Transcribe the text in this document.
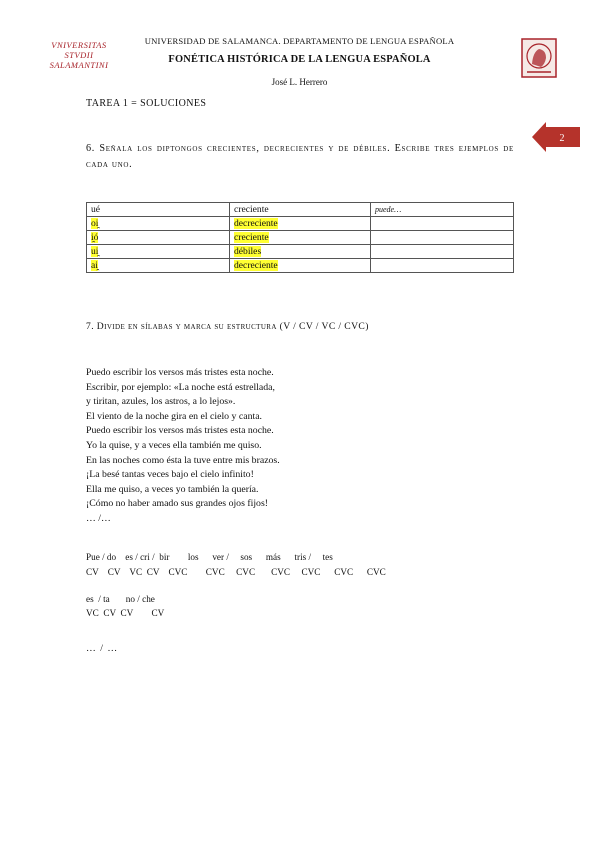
VNIVERSITAS
STVDII
SALAMANTINI
UNIVERSIDAD DE SALAMANCA. DEPARTAMENTO DE LENGUA ESPAÑOLA
FONÉTICA HISTÓRICA DE LA LENGUA ESPAÑOLA
José L. Herrero
2
TAREA 1 = SOLUCIONES
6. Señala los diptongos crecientes, decrecientes y de débiles. Escribe tres ejemplos de cada uno.
ué	creciente	puede…
oi̯	decreciente	
i̯ó	creciente	
ui̯	débiles	
ai̯	decreciente	
7. Divide en sílabas y marca su estructura (V / CV / VC / CVC)
Puedo escribir los versos más tristes esta noche.
Escribir, por ejemplo: «La noche está estrellada,
y tiritan, azules, los astros, a lo lejos».
El viento de la noche gira en el cielo y canta.
Puedo escribir los versos más tristes esta noche.
Yo la quise, y a veces ella también me quiso.
En las noches como ésta la tuve entre mis brazos.
¡La besé tantas veces bajo el cielo infinito!
Ella me quiso, a veces yo también la quería.
¡Cómo no haber amado sus grandes ojos fijos!
… /…
Pue / do    es / cri /  bir        los      ver /     sos      más      tris /     tes
CV    CV    VC  CV    CVC        CVC     CVC       CVC     CVC      CVC      CVC
es  / ta       no / che
VC  CV  CV        CV
… / …
